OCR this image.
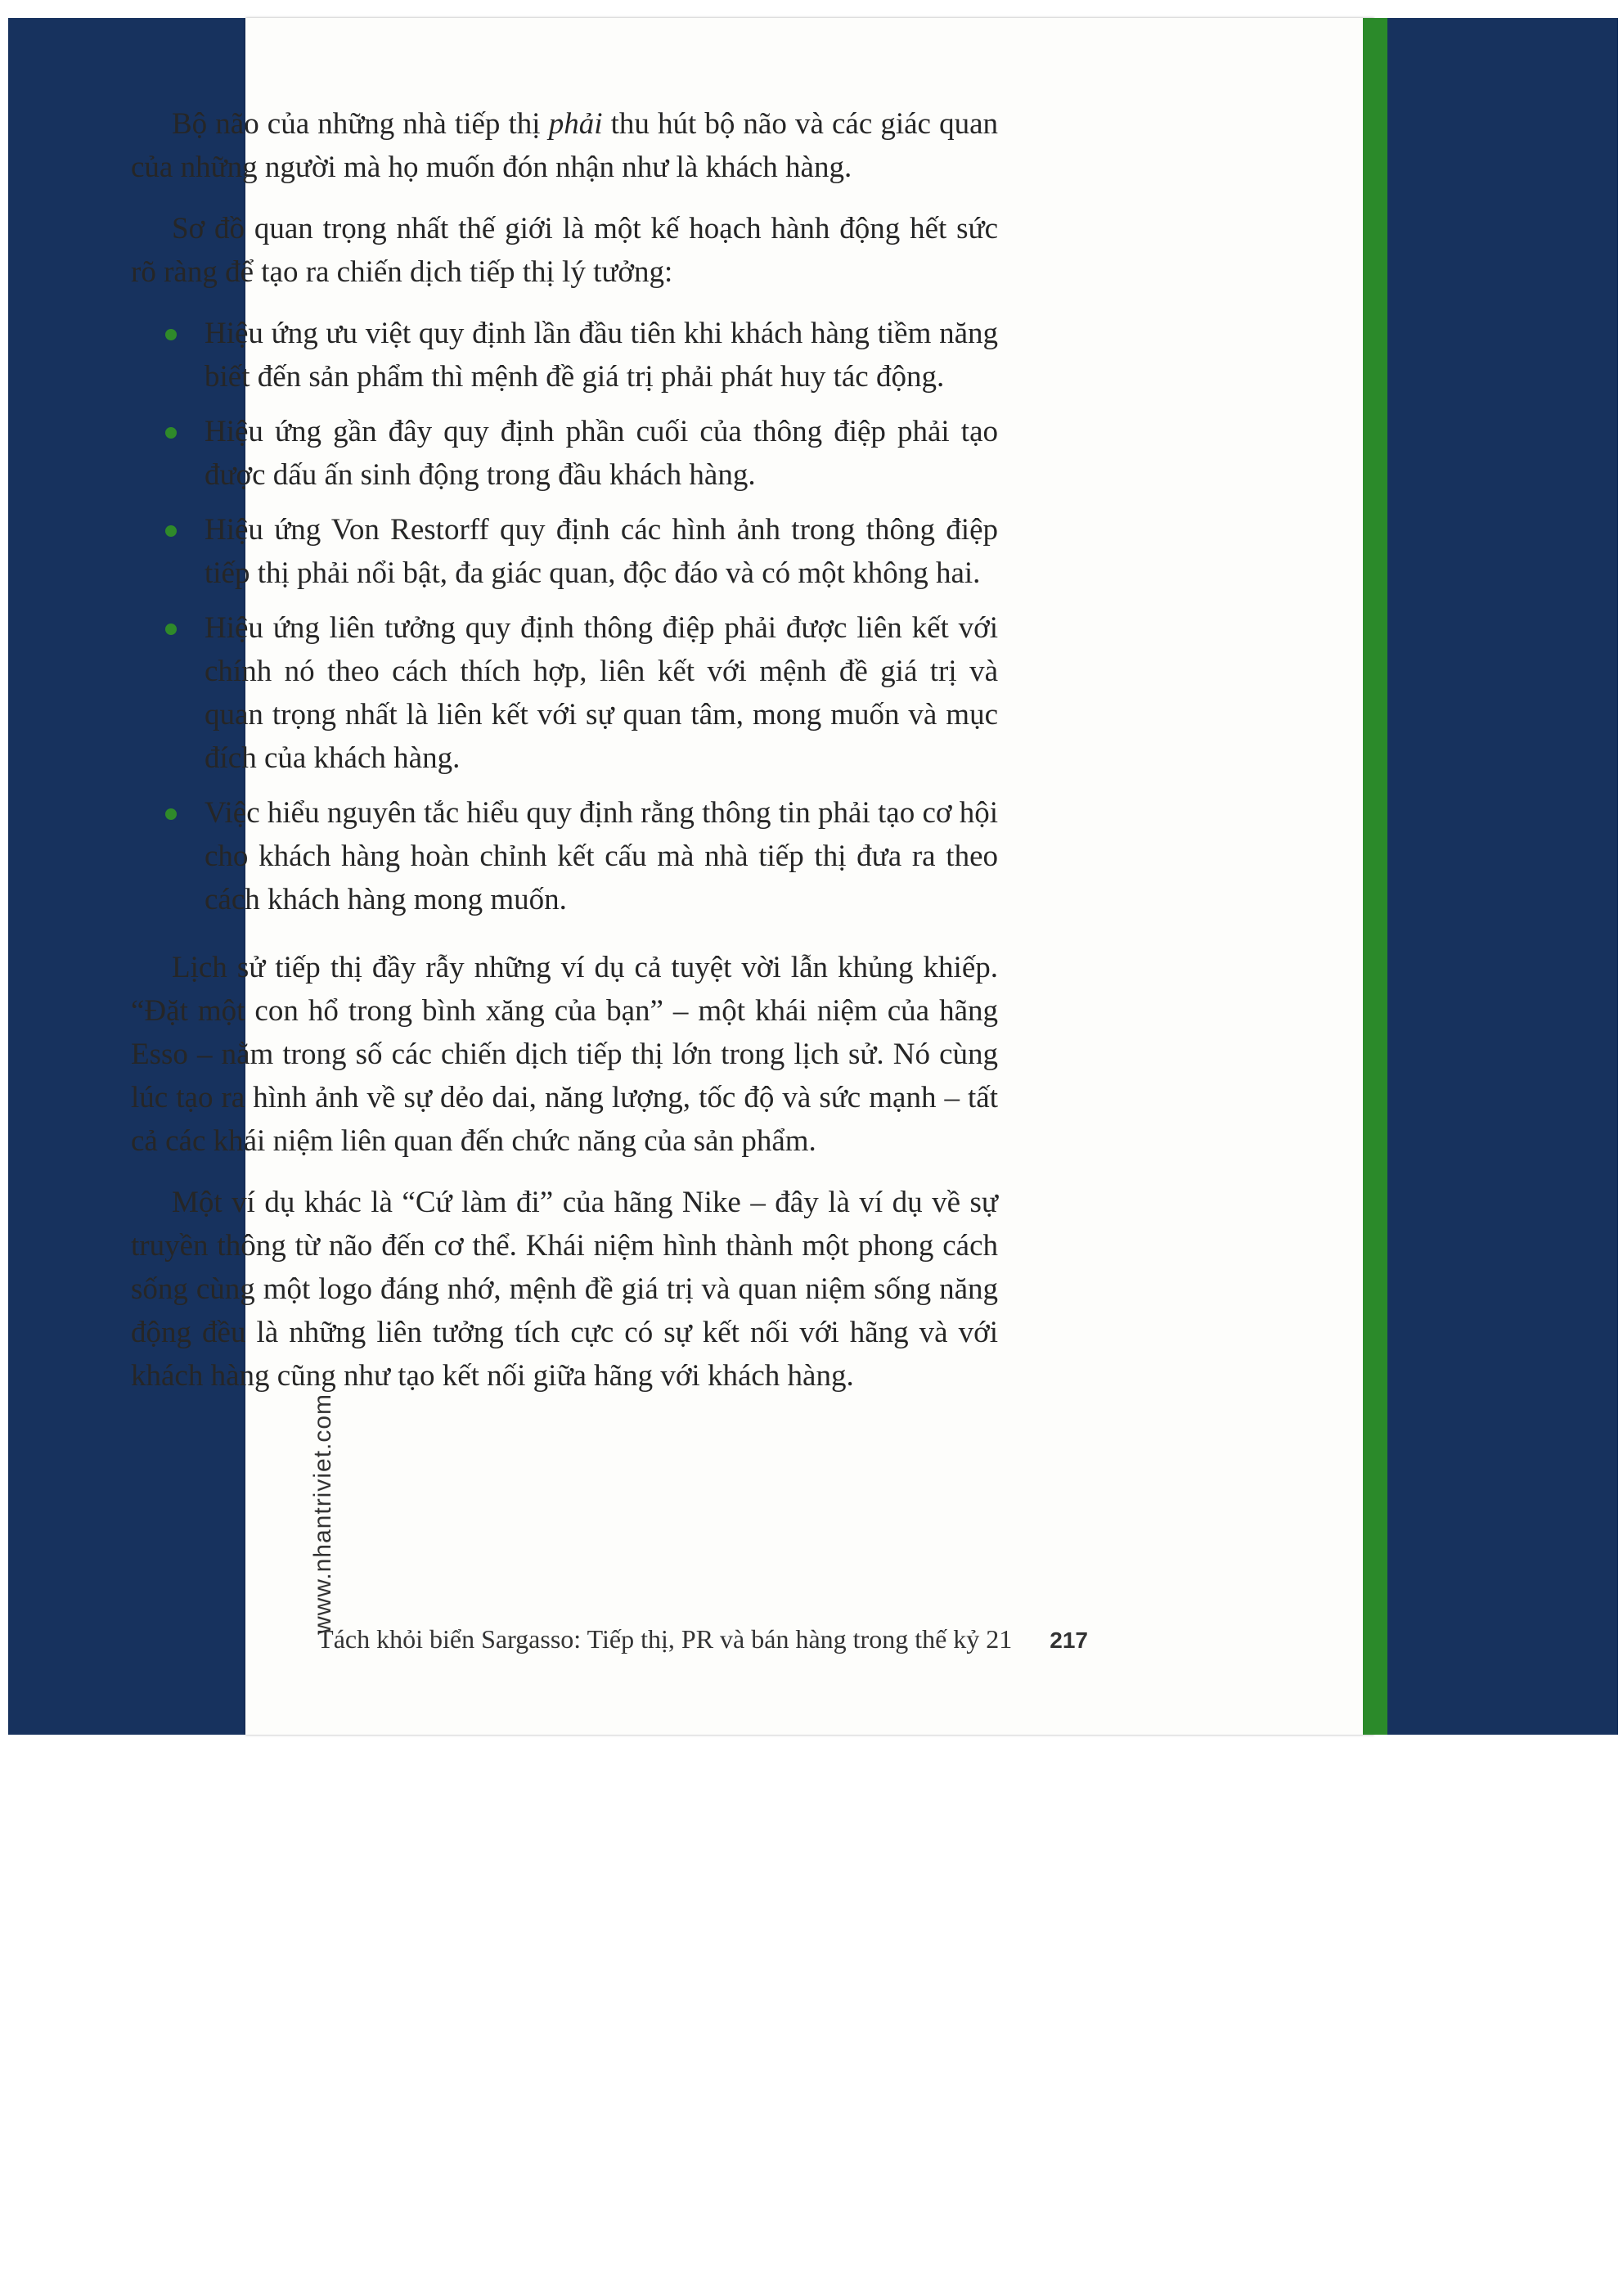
Bộ não của những nhà tiếp thị phải thu hút bộ não và các giác quan của những người mà họ muốn đón nhận như là khách hàng.

Sơ đồ quan trọng nhất thế giới là một kế hoạch hành động hết sức rõ ràng để tạo ra chiến dịch tiếp thị lý tưởng:

Hiệu ứng ưu việt quy định lần đầu tiên khi khách hàng tiềm năng biết đến sản phẩm thì mệnh đề giá trị phải phát huy tác động.
Hiệu ứng gần đây quy định phần cuối của thông điệp phải tạo được dấu ấn sinh động trong đầu khách hàng.
Hiệu ứng Von Restorff quy định các hình ảnh trong thông điệp tiếp thị phải nổi bật, đa giác quan, độc đáo và có một không hai.
Hiệu ứng liên tưởng quy định thông điệp phải được liên kết với chính nó theo cách thích hợp, liên kết với mệnh đề giá trị và quan trọng nhất là liên kết với sự quan tâm, mong muốn và mục đích của khách hàng.
Việc hiểu nguyên tắc hiểu quy định rằng thông tin phải tạo cơ hội cho khách hàng hoàn chỉnh kết cấu mà nhà tiếp thị đưa ra theo cách khách hàng mong muốn.

Lịch sử tiếp thị đầy rẫy những ví dụ cả tuyệt vời lẫn khủng khiếp. “Đặt một con hổ trong bình xăng của bạn” – một khái niệm của hãng Esso – nằm trong số các chiến dịch tiếp thị lớn trong lịch sử. Nó cùng lúc tạo ra hình ảnh về sự dẻo dai, năng lượng, tốc độ và sức mạnh – tất cả các khái niệm liên quan đến chức năng của sản phẩm.

Một ví dụ khác là “Cứ làm đi” của hãng Nike – đây là ví dụ về sự truyền thông từ não đến cơ thể. Khái niệm hình thành một phong cách sống cùng một logo đáng nhớ, mệnh đề giá trị và quan niệm sống năng động đều là những liên tưởng tích cực có sự kết nối với hãng và với khách hàng cũng như tạo kết nối giữa hãng với khách hàng.

www.nhantriviet.com
Tách khỏi biển Sargasso: Tiếp thị, PR và bán hàng trong thế kỷ 21 217
